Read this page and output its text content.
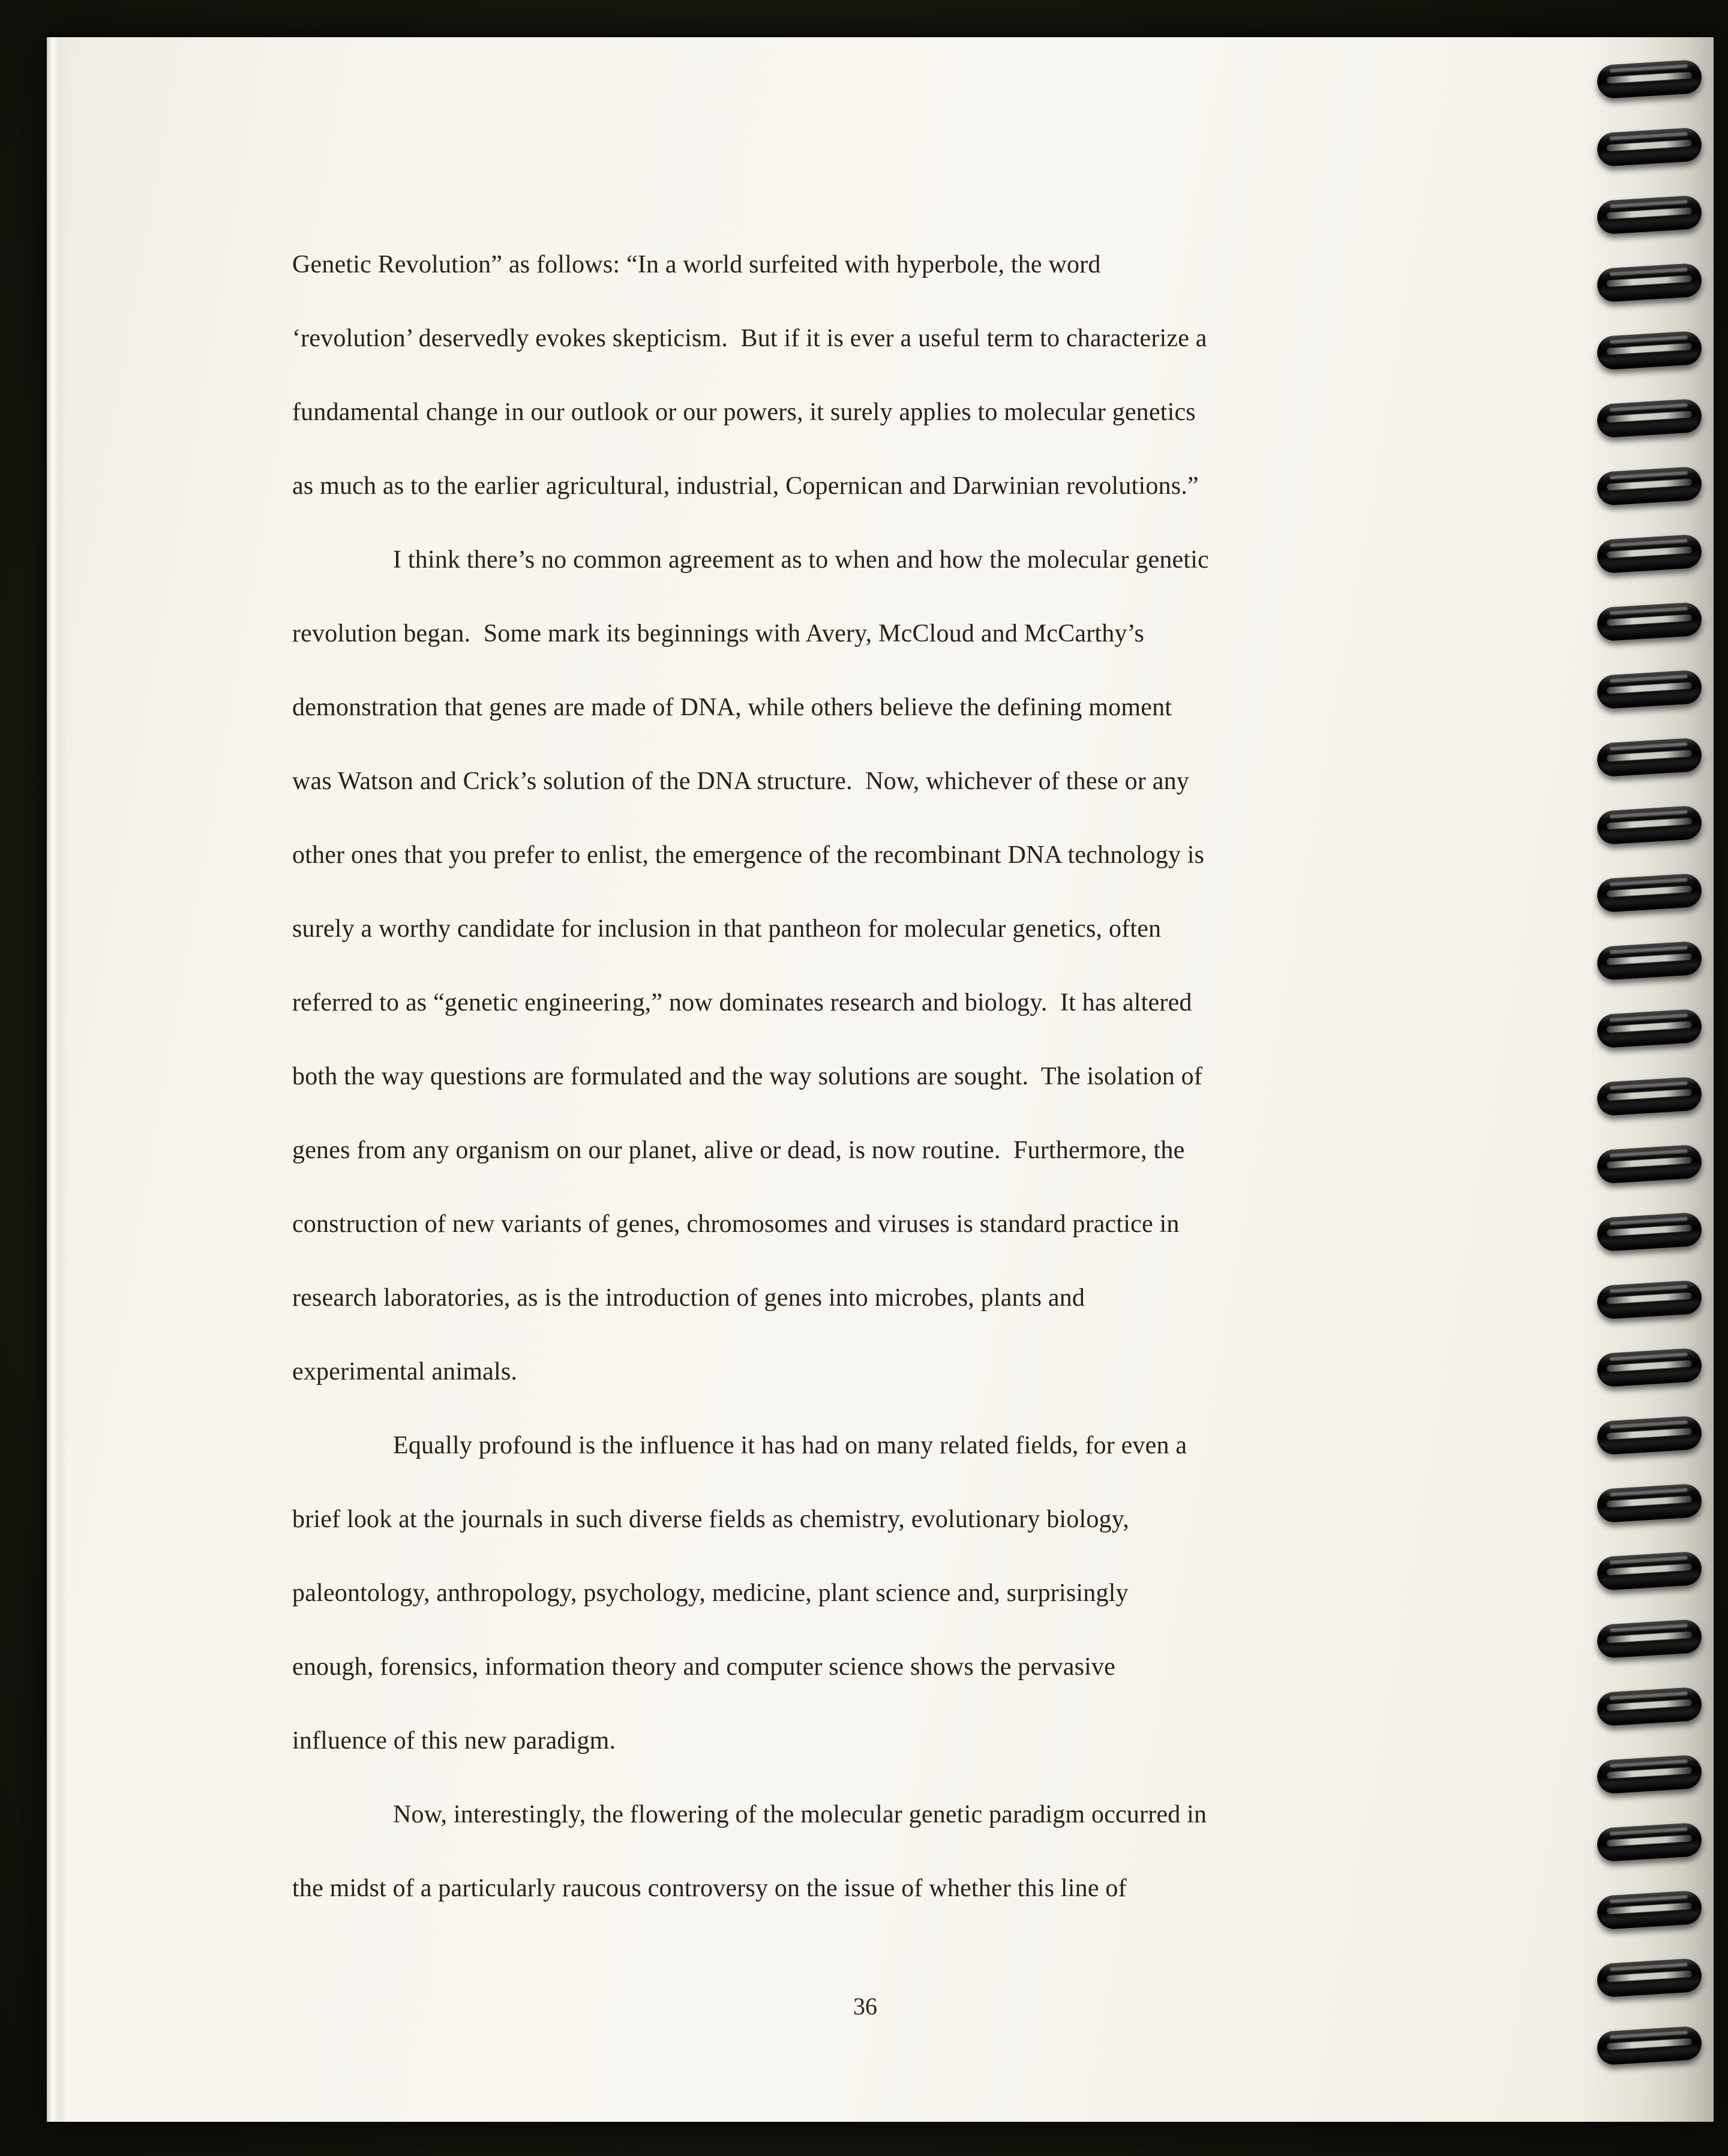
Genetic Revolution” as follows: “In a world surfeited with hyperbole, the word
‘revolution’ deservedly evokes skepticism.  But if it is ever a useful term to characterize a
fundamental change in our outlook or our powers, it surely applies to molecular genetics
as much as to the earlier agricultural, industrial, Copernican and Darwinian revolutions.”
I think there’s no common agreement as to when and how the molecular genetic
revolution began.  Some mark its beginnings with Avery, McCloud and McCarthy’s
demonstration that genes are made of DNA, while others believe the defining moment
was Watson and Crick’s solution of the DNA structure.  Now, whichever of these or any
other ones that you prefer to enlist, the emergence of the recombinant DNA technology is
surely a worthy candidate for inclusion in that pantheon for molecular genetics, often
referred to as “genetic engineering,” now dominates research and biology.  It has altered
both the way questions are formulated and the way solutions are sought.  The isolation of
genes from any organism on our planet, alive or dead, is now routine.  Furthermore, the
construction of new variants of genes, chromosomes and viruses is standard practice in
research laboratories, as is the introduction of genes into microbes, plants and
experimental animals.
Equally profound is the influence it has had on many related fields, for even a
brief look at the journals in such diverse fields as chemistry, evolutionary biology,
paleontology, anthropology, psychology, medicine, plant science and, surprisingly
enough, forensics, information theory and computer science shows the pervasive
influence of this new paradigm.
Now, interestingly, the flowering of the molecular genetic paradigm occurred in
the midst of a particularly raucous controversy on the issue of whether this line of
36
